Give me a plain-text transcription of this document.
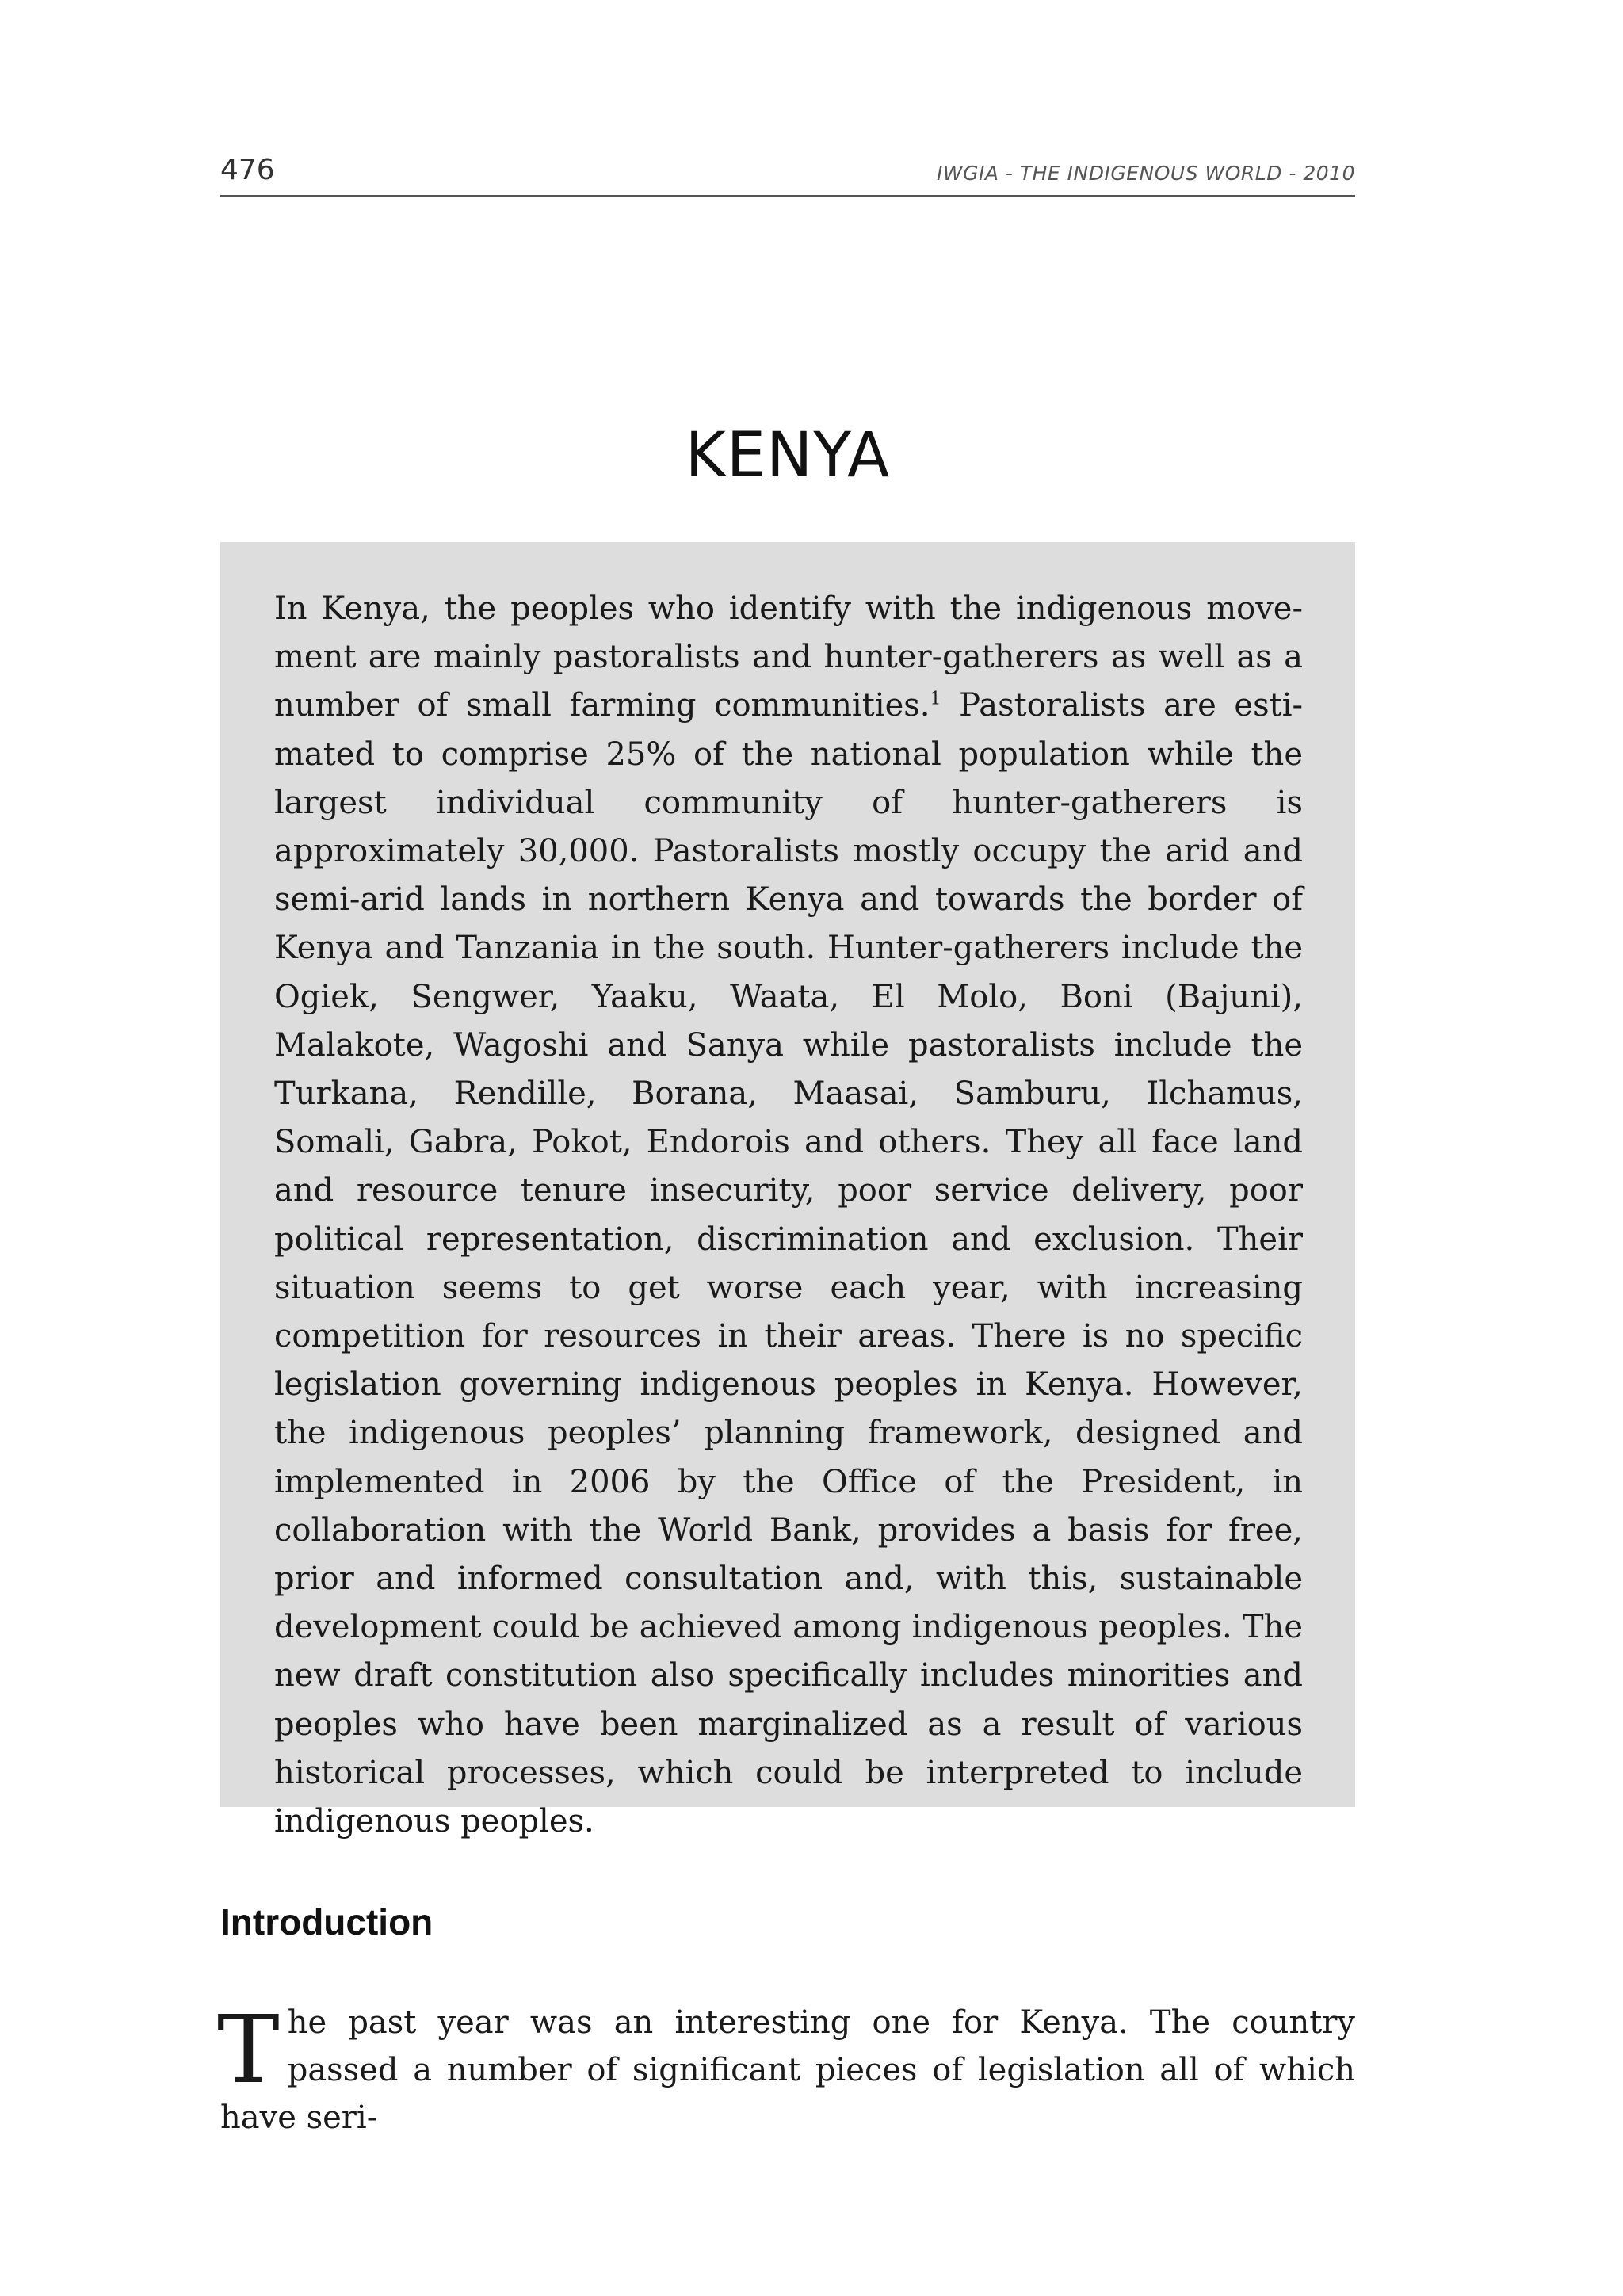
476	IWGIA - THE INDIGENOUS WORLD - 2010
KENYA

In Kenya, the peoples who identify with the indigenous movement are mainly pastoralists and hunter-gatherers as well as a number of small farming communities.$^1$ Pastoralists are estimated to comprise 25% of the national population while the largest individual community of hunter-gatherers is approximately 30,000. Pastoralists mostly occupy the arid and semi-arid lands in northern Kenya and towards the border of Kenya and Tanzania in the south. Hunter-gatherers include the Ogiek, Sengwer, Yaaku, Waata, El Molo, Boni (Bajuni), Malakote, Wagoshi and Sanya while pastoralists include the Turkana, Rendille, Borana, Maasai, Samburu, Ilchamus, Somali, Gabra, Pokot, Endorois and others. They all face land and resource tenure insecurity, poor service delivery, poor political representation, discrimination and exclusion. Their situation seems to get worse each year, with increasing competition for resources in their areas. There is no specific legislation governing indigenous peoples in Kenya. However, the indigenous peoples’ planning framework, designed and implemented in 2006 by the Office of the President, in collaboration with the World Bank, provides a basis for free, prior and informed consultation and, with this, sustainable development could be achieved among indigenous peoples. The new draft constitution also specifically includes minorities and peoples who have been marginalized as a result of various historical processes, which could be interpreted to include indigenous peoples.

Introduction

The past year was an interesting one for Kenya. The country passed a number of significant pieces of legislation all of which have seri-
